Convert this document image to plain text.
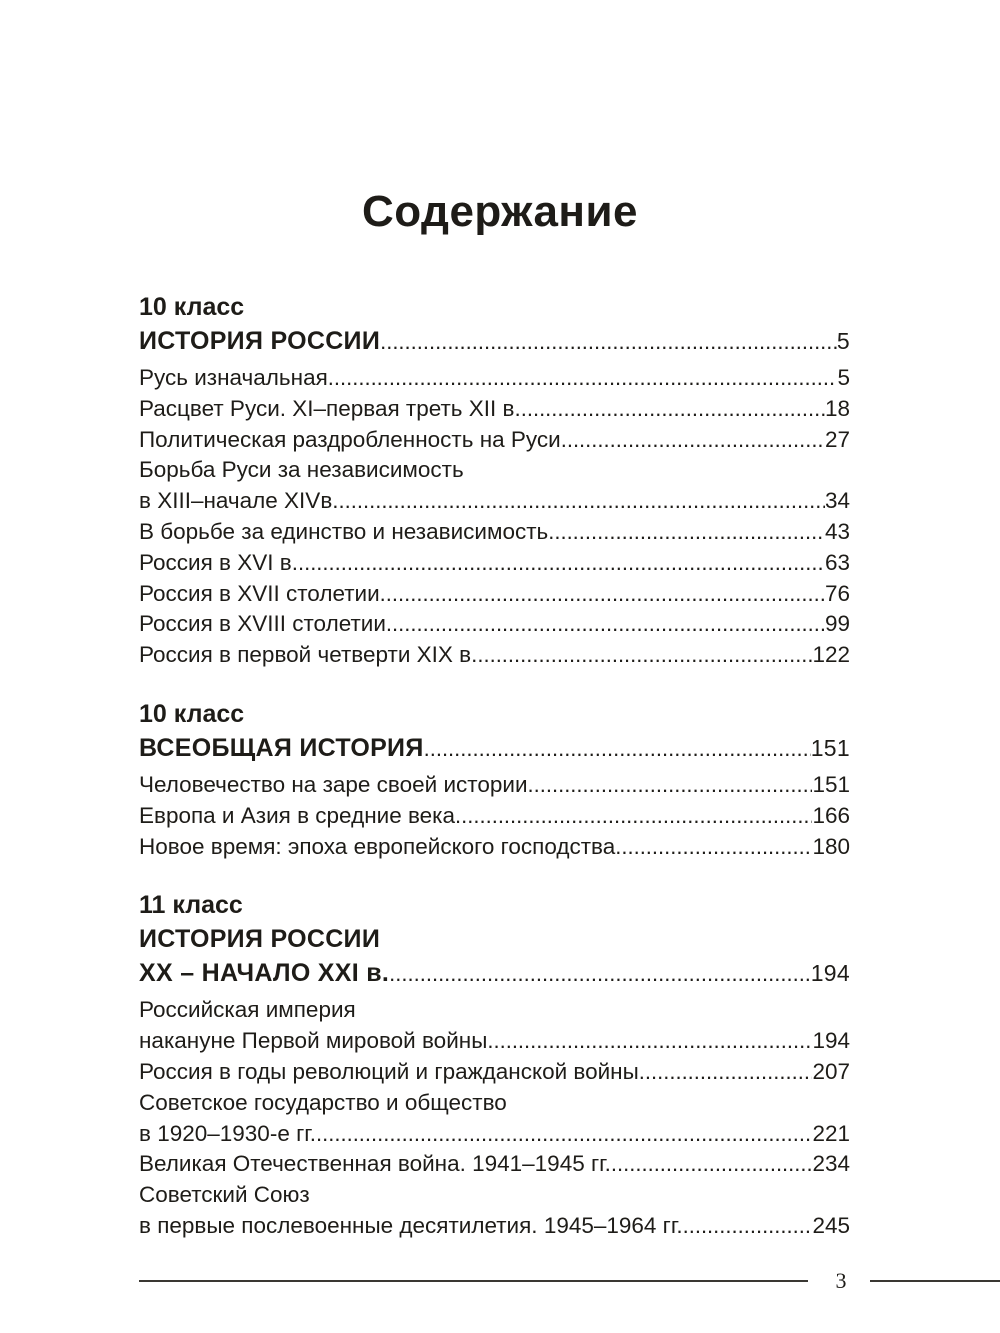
Содержание
10 класс
ИСТОРИЯ РОССИИ .....	5
Русь изначальная .....	5
Расцвет Руси. XI–первая треть XII в. .....	18
Политическая раздробленность на Руси .....	27
Борьба Руси за независимость
в XIII–начале XIVв. .....	34
В борьбе за единство и независимость .....	43
Россия в XVI в. .....	63
Россия в XVII столетии .....	76
Россия в XVIII столетии .....	99
Россия в первой четверти XIX в. .....	122
10 класс
ВСЕОБЩАЯ ИСТОРИЯ .....	151
Человечество на заре своей истории .....	151
Европа и Азия в средние века .....	166
Новое время: эпоха европейского господства .....	180
11 класс
ИСТОРИЯ РОССИИ
XX – НАЧАЛО XXI в. .....	194
Российская империя
накануне Первой мировой войны .....	194
Россия в годы революций и гражданской войны .....	207
Советское государство и общество
в 1920–1930-е гг. .....	221
Великая Отечественная война. 1941–1945 гг. .....	234
Советский Союз
в первые послевоенные десятилетия. 1945–1964 гг. .....	245
3
